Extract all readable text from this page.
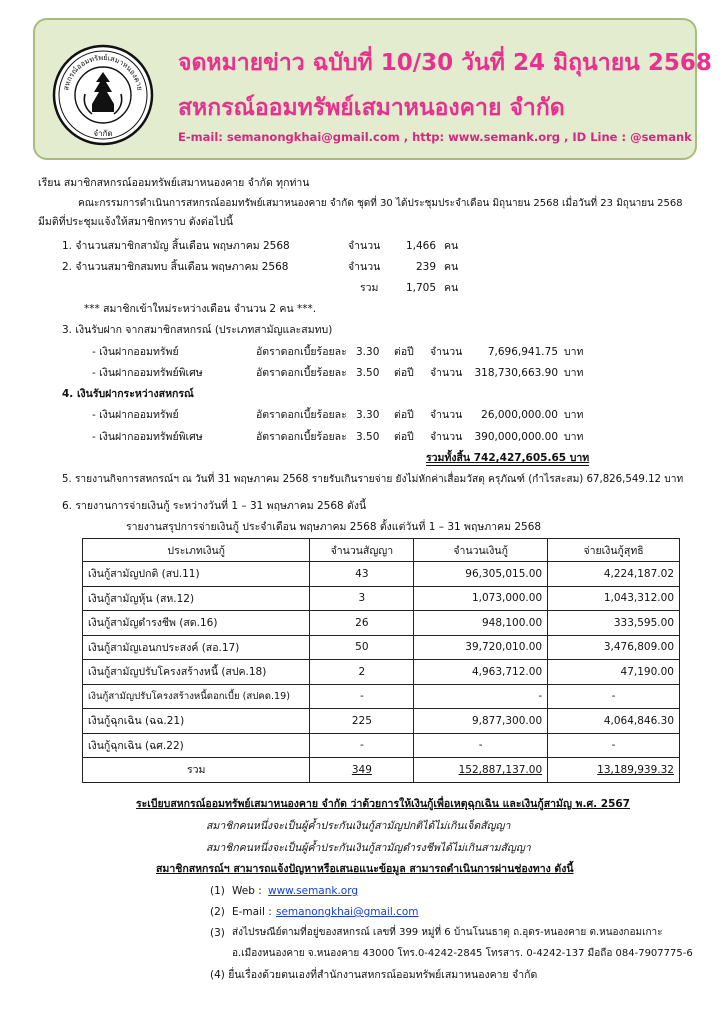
สหกรณ์ออมทรัพย์เสมาหนองคาย
จำกัด
จดหมายข่าว ฉบับที่ 10/30 วันที่ 24 มิถุนายน 2568
สหกรณ์ออมทรัพย์เสมาหนองคาย จำกัด
E-mail: semanongkhai@gmail.com , http: www.semank.org , ID Line : @semank
เรียน สมาชิกสหกรณ์ออมทรัพย์เสมาหนองคาย จำกัด ทุกท่าน
คณะกรรมการดำเนินการสหกรณ์ออมทรัพย์เสมาหนองคาย จำกัด ชุดที่ 30 ได้ประชุมประจำเดือน มิถุนายน 2568 เมื่อวันที่ 23 มิถุนายน 2568
มีมติที่ประชุมแจ้งให้สมาชิกทราบ ดังต่อไปนี้
1. จำนวนสมาชิกสามัญ สิ้นเดือน พฤษภาคม 2568	จำนวน	1,466 คน
2. จำนวนสมาชิกสมทบ สิ้นเดือน พฤษภาคม 2568	จำนวน	239 คน
รวม	1,705 คน
*** สมาชิกเข้าใหม่ระหว่างเดือน จำนวน 2 คน ***.
3. เงินรับฝาก จากสมาชิกสหกรณ์ (ประเภทสามัญและสมทบ)
- เงินฝากออมทรัพย์	อัตราดอกเบี้ยร้อยละ 3.30 ต่อปี จำนวน	7,696,941.75 บาท
- เงินฝากออมทรัพย์พิเศษ	อัตราดอกเบี้ยร้อยละ 3.50 ต่อปี จำนวน	318,730,663.90 บาท
4. เงินรับฝากระหว่างสหกรณ์
- เงินฝากออมทรัพย์	อัตราดอกเบี้ยร้อยละ 3.30 ต่อปี จำนวน	26,000,000.00 บาท
- เงินฝากออมทรัพย์พิเศษ	อัตราดอกเบี้ยร้อยละ 3.50 ต่อปี จำนวน	390,000,000.00 บาท
รวมทั้งสิ้น 742,427,605.65 บาท
5. รายงานกิจการสหกรณ์ฯ ณ วันที่ 31 พฤษภาคม 2568 รายรับเกินรายจ่าย ยังไม่หักค่าเสื่อมวัสดุ ครุภัณฑ์ (กำไรสะสม) 67,826,549.12 บาท
6. รายงานการจ่ายเงินกู้ ระหว่างวันที่ 1 – 31 พฤษภาคม 2568 ดังนี้
รายงานสรุปการจ่ายเงินกู้ ประจำเดือน พฤษภาคม 2568 ตั้งแต่วันที่ 1 – 31 พฤษภาคม 2568
ประเภทเงินกู้	จำนวนสัญญา	จำนวนเงินกู้	จ่ายเงินกู้สุทธิ
เงินกู้สามัญปกติ (สป.11)	43	96,305,015.00	4,224,187.02
เงินกู้สามัญหุ้น (สห.12)	3	1,073,000.00	1,043,312.00
เงินกู้สามัญดำรงชีพ (สด.16)	26	948,100.00	333,595.00
เงินกู้สามัญเอนกประสงค์ (สอ.17)	50	39,720,010.00	3,476,809.00
เงินกู้สามัญปรับโครงสร้างหนี้ (สปค.18)	2	4,963,712.00	47,190.00
เงินกู้สามัญปรับโครงสร้างหนี้ดอกเบี้ย (สปคด.19)	-	-	-
เงินกู้ฉุกเฉิน (ฉฉ.21)	225	9,877,300.00	4,064,846.30
เงินกู้ฉุกเฉิน (ฉศ.22)	-	-	-
รวม	349	152,887,137.00	13,189,939.32
ระเบียบสหกรณ์ออมทรัพย์เสมาหนองคาย จำกัด ว่าด้วยการให้เงินกู้เพื่อเหตุฉุกเฉิน และเงินกู้สามัญ พ.ศ. 2567
สมาชิกคนหนึ่งจะเป็นผู้ค้ำประกันเงินกู้สามัญปกติได้ไม่เกินเจ็ดสัญญา
สมาชิกคนหนึ่งจะเป็นผู้ค้ำประกันเงินกู้สามัญดำรงชีพได้ไม่เกินสามสัญญา
สมาชิกสหกรณ์ฯ สามารถแจ้งปัญหาหรือเสนอแนะข้อมูล สามารถดำเนินการผ่านช่องทาง ดังนี้
(1) Web : www.semank.org
(2) E-mail : semanongkhai@gmail.com
(3) ส่งไปรษณีย์ตามที่อยู่ของสหกรณ์ เลขที่ 399 หมู่ที่ 6 บ้านโนนธาตุ ถ.อุดร-หนองคาย ต.หนองกอมเกาะ
อ.เมืองหนองคาย จ.หนองคาย 43000 โทร.0-4242-2845 โทรสาร. 0-4242-137 มือถือ 084-7907775-6
(4) ยื่นเรื่องด้วยตนเองที่สำนักงานสหกรณ์ออมทรัพย์เสมาหนองคาย จำกัด
